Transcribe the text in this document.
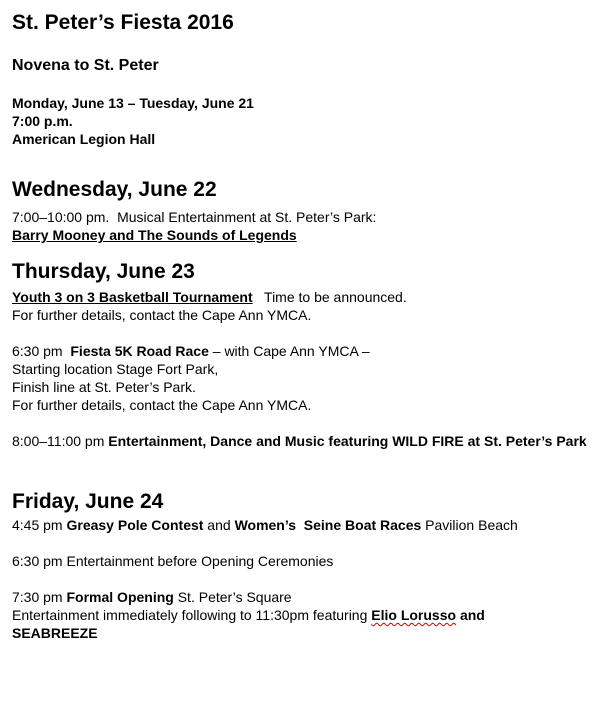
St. Peter’s Fiesta 2016
Novena to St. Peter
Monday, June 13 – Tuesday, June 21
7:00 p.m.
American Legion Hall
Wednesday, June 22
7:00–10:00 pm.  Musical Entertainment at St. Peter’s Park:
Barry Mooney and The Sounds of Legends
Thursday, June 23
Youth 3 on 3 Basketball Tournament   Time to be announced.
For further details, contact the Cape Ann YMCA.
6:30 pm  Fiesta 5K Road Race – with Cape Ann YMCA –
Starting location Stage Fort Park,
Finish line at St. Peter’s Park.
For further details, contact the Cape Ann YMCA.
8:00–11:00 pm Entertainment, Dance and Music featuring WILD FIRE at St. Peter’s Park
Friday, June 24
4:45 pm Greasy Pole Contest and Women’s  Seine Boat Races Pavilion Beach
6:30 pm Entertainment before Opening Ceremonies
7:30 pm Formal Opening St. Peter’s Square
Entertainment immediately following to 11:30pm featuring Elio Lorusso and
SEABREEZE
